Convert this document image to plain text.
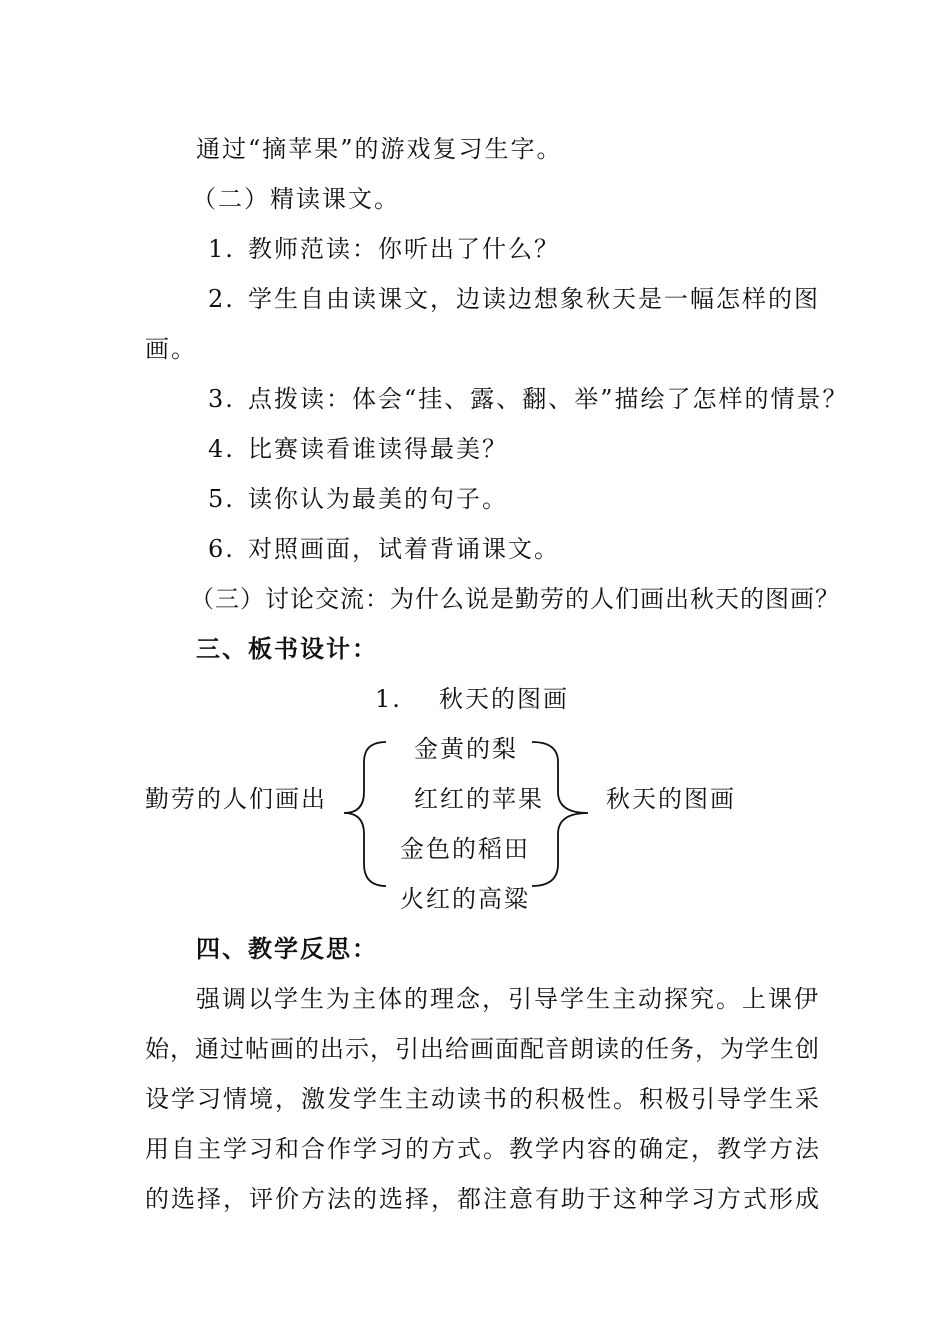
通过“摘苹果”的游戏复习生字。
（二）精读课文。
1. 教师范读：你听出了什么？
2. 学生自由读课文，边读边想象秋天是一幅怎样的图
画。
3. 点拨读：体会“挂、露、翻、举”描绘了怎样的情景？
4. 比赛读看谁读得最美？
5. 读你认为最美的句子。
6. 对照画面，试着背诵课文。
（三）讨论交流：为什么说是勤劳的人们画出秋天的图画？
三、板书设计：
1. 秋天的图画
勤劳的人们画出
金黄的梨
红红的苹果
金色的稻田
火红的高粱
秋天的图画
四、教学反思：
强调以学生为主体的理念，引导学生主动探究。上课伊
始，通过帖画的出示，引出给画面配音朗读的任务，为学生创
设学习情境，激发学生主动读书的积极性。积极引导学生采
用自主学习和合作学习的方式。教学内容的确定，教学方法
的选择，评价方法的选择，都注意有助于这种学习方式形成
